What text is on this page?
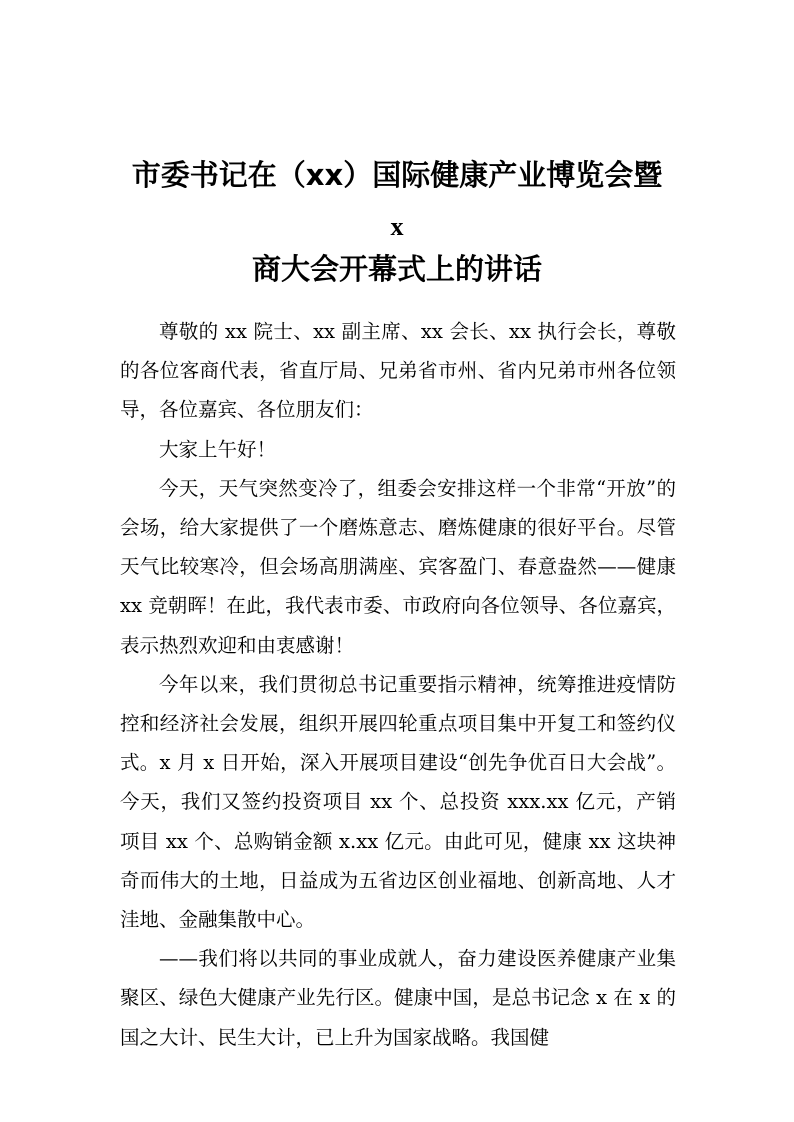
市委书记在（xx）国际健康产业博览会暨
x
商大会开幕式上的讲话

尊敬的 xx 院士、xx 副主席、xx 会长、xx 执行会长，尊敬的各位客商代表，省直厅局、兄弟省市州、省内兄弟市州各位领导，各位嘉宾、各位朋友们：

大家上午好！

今天，天气突然变冷了，组委会安排这样一个非常“开放”的会场，给大家提供了一个磨炼意志、磨炼健康的很好平台。尽管天气比较寒冷，但会场高朋满座、宾客盈门、春意盎然——健康 xx 竞朝晖！在此，我代表市委、市政府向各位领导、各位嘉宾，表示热烈欢迎和由衷感谢！

今年以来，我们贯彻总书记重要指示精神，统筹推进疫情防控和经济社会发展，组织开展四轮重点项目集中开复工和签约仪式。x 月 x 日开始，深入开展项目建设“创先争优百日大会战”。今天，我们又签约投资项目 xx 个、总投资 xxx.xx 亿元，产销项目 xx 个、总购销金额 x.xx 亿元。由此可见，健康 xx 这块神奇而伟大的土地，日益成为五省边区创业福地、创新高地、人才洼地、金融集散中心。

——我们将以共同的事业成就人，奋力建设医养健康产业集聚区、绿色大健康产业先行区。健康中国，是总书记念 x 在 x 的国之大计、民生大计，已上升为国家战略。我国健
